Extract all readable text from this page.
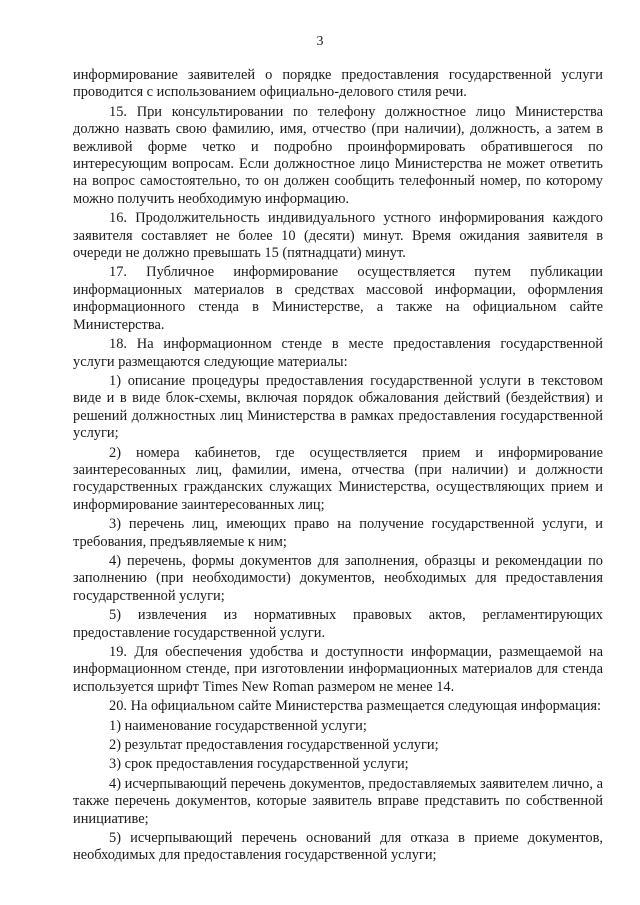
3

информирование заявителей о порядке предоставления государственной услуги проводится с использованием официально-делового стиля речи.

15. При консультировании по телефону должностное лицо Министерства должно назвать свою фамилию, имя, отчество (при наличии), должность, а затем в вежливой форме четко и подробно проинформировать обратившегося по интересующим вопросам. Если должностное лицо Министерства не может ответить на вопрос самостоятельно, то он должен сообщить телефонный номер, по которому можно получить необходимую информацию.

16. Продолжительность индивидуального устного информирования каждого заявителя составляет не более 10 (десяти) минут. Время ожидания заявителя в очереди не должно превышать 15 (пятнадцати) минут.

17. Публичное информирование осуществляется путем публикации информационных материалов в средствах массовой информации, оформления информационного стенда в Министерстве, а также на официальном сайте Министерства.

18. На информационном стенде в месте предоставления государственной услуги размещаются следующие материалы:

1) описание процедуры предоставления государственной услуги в текстовом виде и в виде блок-схемы, включая порядок обжалования действий (бездействия) и решений должностных лиц Министерства в рамках предоставления государственной услуги;

2) номера кабинетов, где осуществляется прием и информирование заинтересованных лиц, фамилии, имена, отчества (при наличии) и должности государственных гражданских служащих Министерства, осуществляющих прием и информирование заинтересованных лиц;

3) перечень лиц, имеющих право на получение государственной услуги, и требования, предъявляемые к ним;

4) перечень, формы документов для заполнения, образцы и рекомендации по заполнению (при необходимости) документов, необходимых для предоставления государственной услуги;

5) извлечения из нормативных правовых актов, регламентирующих предоставление государственной услуги.

19. Для обеспечения удобства и доступности информации, размещаемой на информационном стенде, при изготовлении информационных материалов для стенда используется шрифт Times New Roman размером не менее 14.

20. На официальном сайте Министерства размещается следующая информация:

1) наименование государственной услуги;

2) результат предоставления государственной услуги;

3) срок предоставления государственной услуги;

4) исчерпывающий перечень документов, предоставляемых заявителем лично, а также перечень документов, которые заявитель вправе представить по собственной инициативе;

5) исчерпывающий перечень оснований для отказа в приеме документов, необходимых для предоставления государственной услуги;
